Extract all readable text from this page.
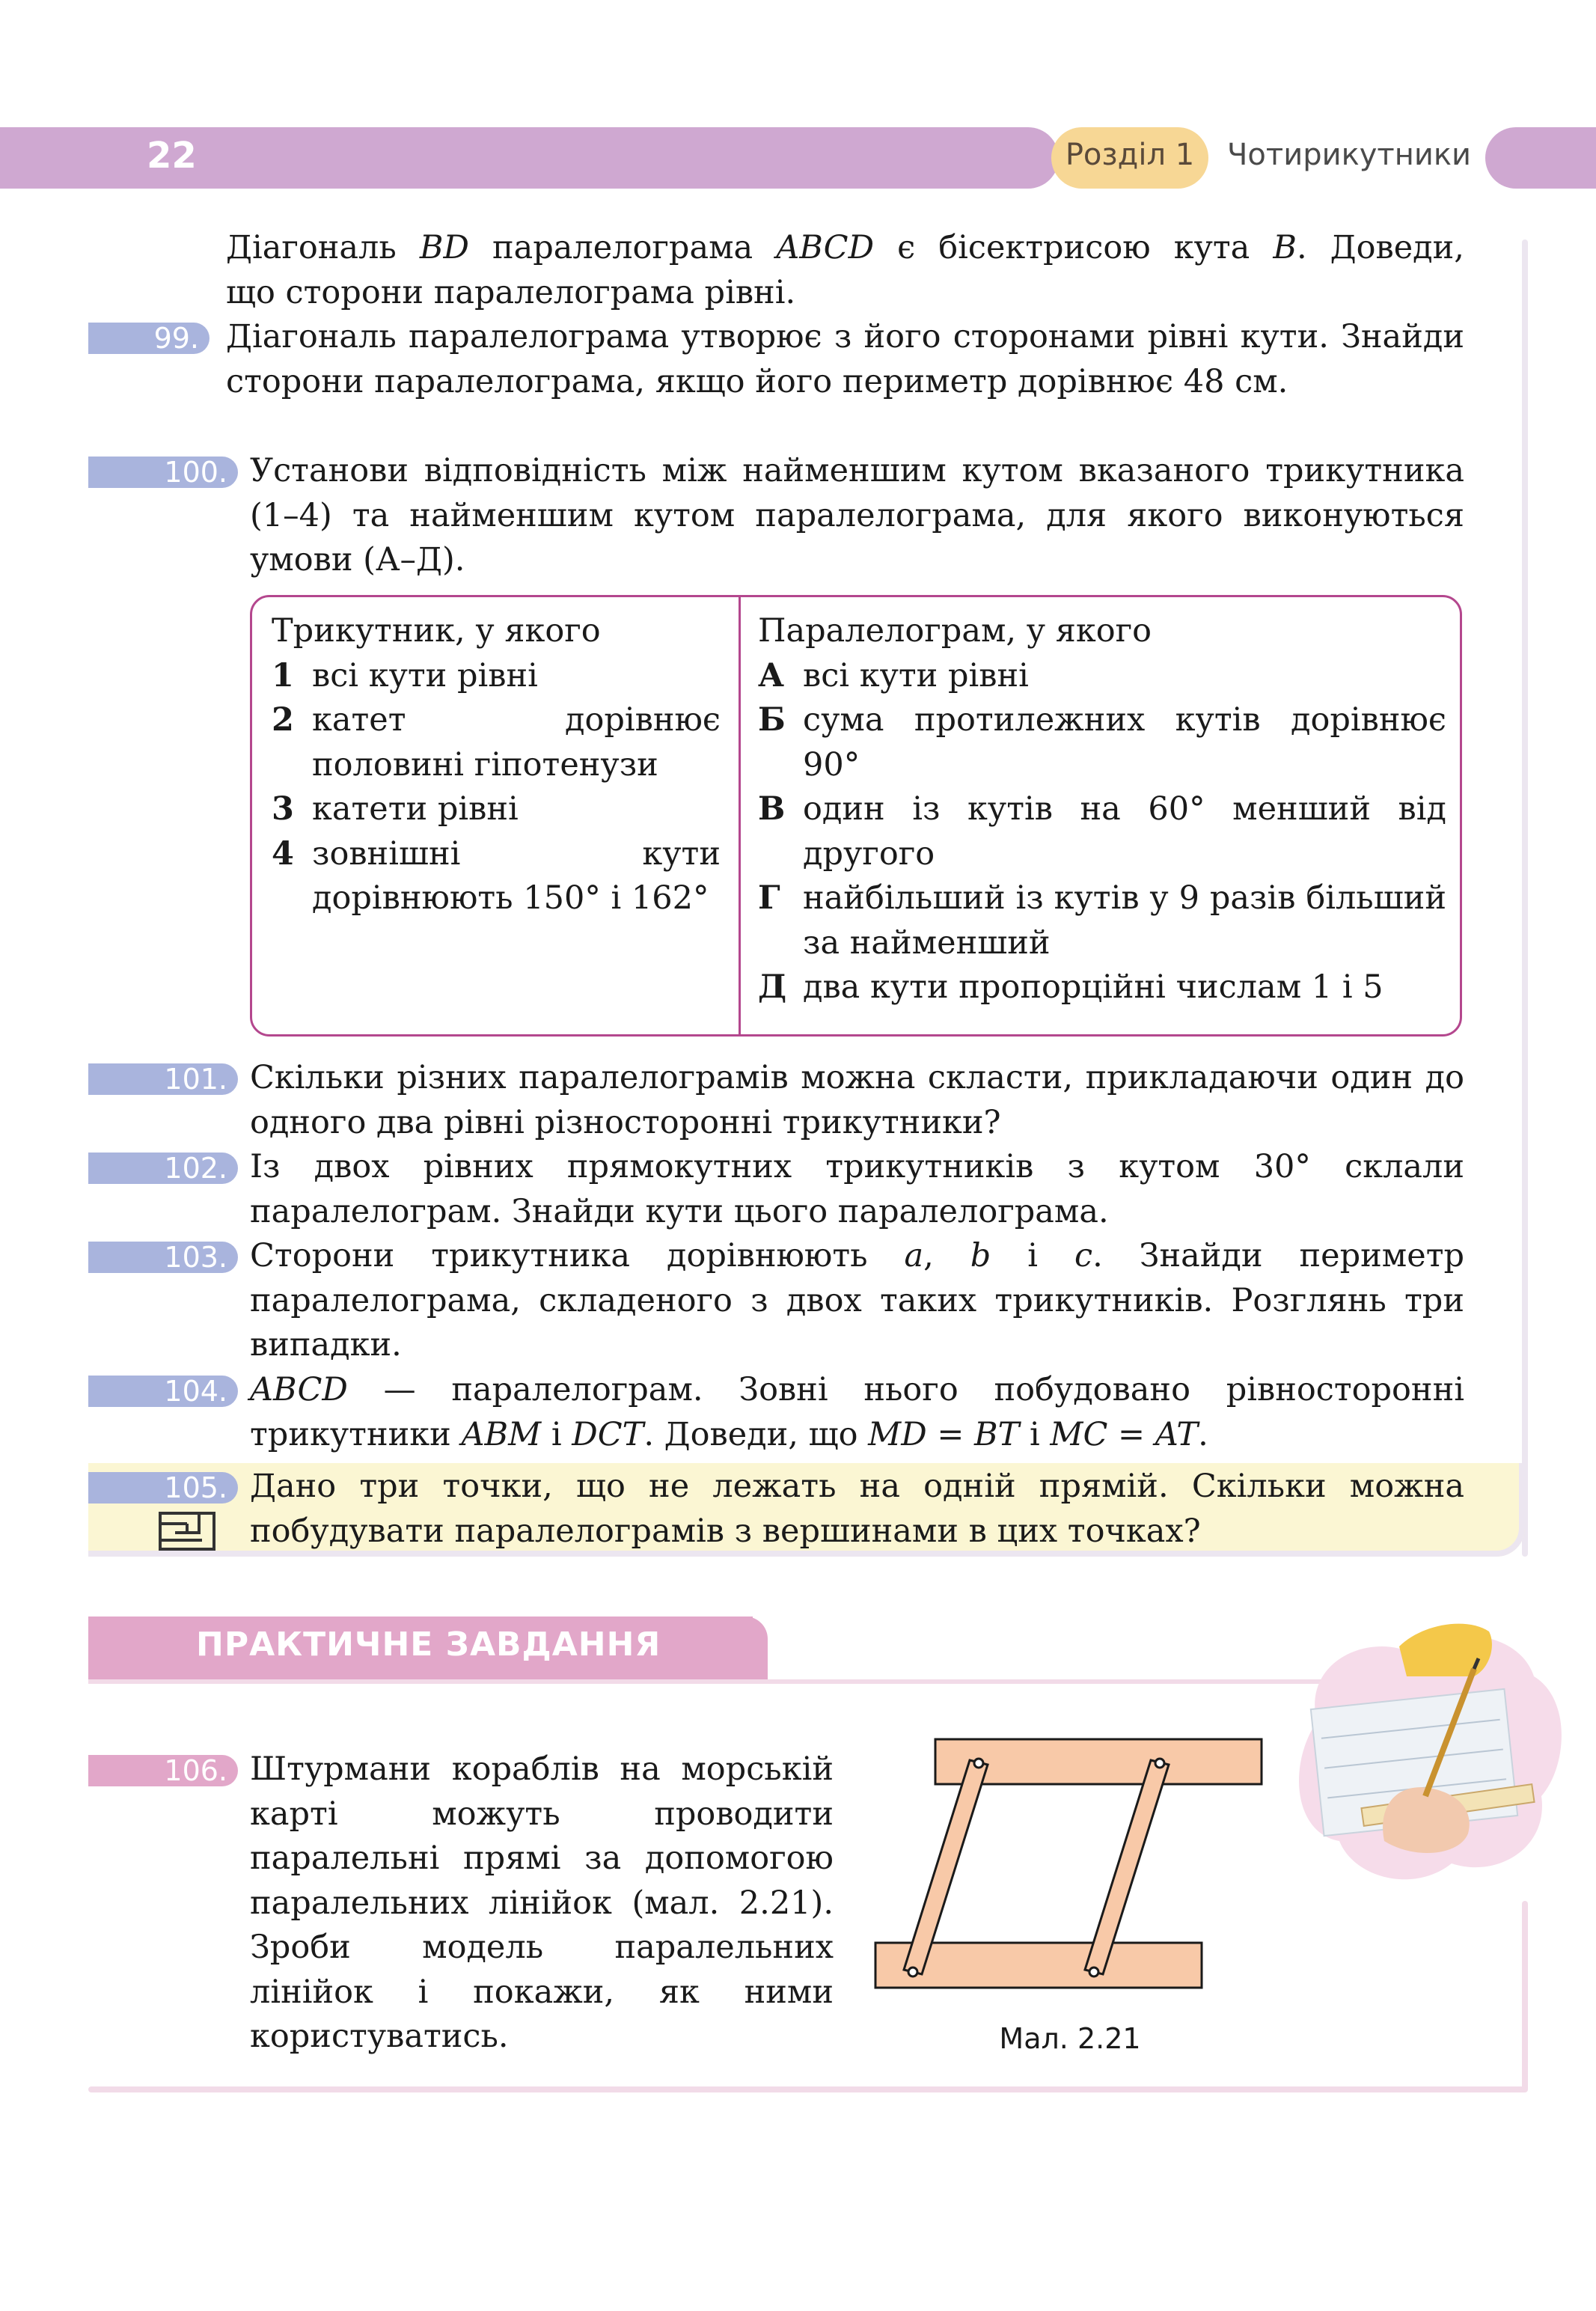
22	Розділ 1 Чотирикутники
Діагональ BD паралелограма ABCD є бісектрисою кута B. Доведи,
що сторони паралелограма рівні.
99. Діагональ паралелограма утворює з його сторонами рівні кути. Знайди сторони паралелограма, якщо його периметр дорівнює 48 см.
100. Установи відповідність між найменшим кутом вказаного трикутника (1–4) та найменшим кутом паралелограма, для якого виконуються умови (А–Д).
Трикутник, у якого
1 всі кути рівні
2 катет дорівнює половині гіпотенузи
3 катети рівні
4 зовнішні кути дорівнюють 150° і 162°
Паралелограм, у якого
А всі кути рівні
Б сума протилежних кутів дорівнює 90°
В один із кутів на 60° менший від другого
Г найбільший із кутів у 9 разів більший за найменший
Д два кути пропорційні числам 1 і 5
101. Скільки різних паралелограмів можна скласти, прикладаючи один до одного два рівні різносторонні трикутники?
102. Із двох рівних прямокутних трикутників з кутом 30° склали паралелограм. Знайди кути цього паралелограма.
103. Сторони трикутника дорівнюють a, b і c. Знайди периметр паралелограма, складеного з двох таких трикутників. Розглянь три випадки.
104. ABCD — паралелограм. Зовні нього побудовано рівносторонні трикутники ABM і DCT. Доведи, що MD = BT і MC = AT.
105. Дано три точки, що не лежать на одній прямій. Скільки можна побудувати паралелограмів з вершинами в цих точках?
ПРАКТИЧНЕ ЗАВДАННЯ
106. Штурмани кораблів на морській карті можуть проводити паралельні прямі за допомогою паралельних лінійок (мал. 2.21). Зроби модель паралельних лінійок і покажи, як ними користуватись.	Мал. 2.21
